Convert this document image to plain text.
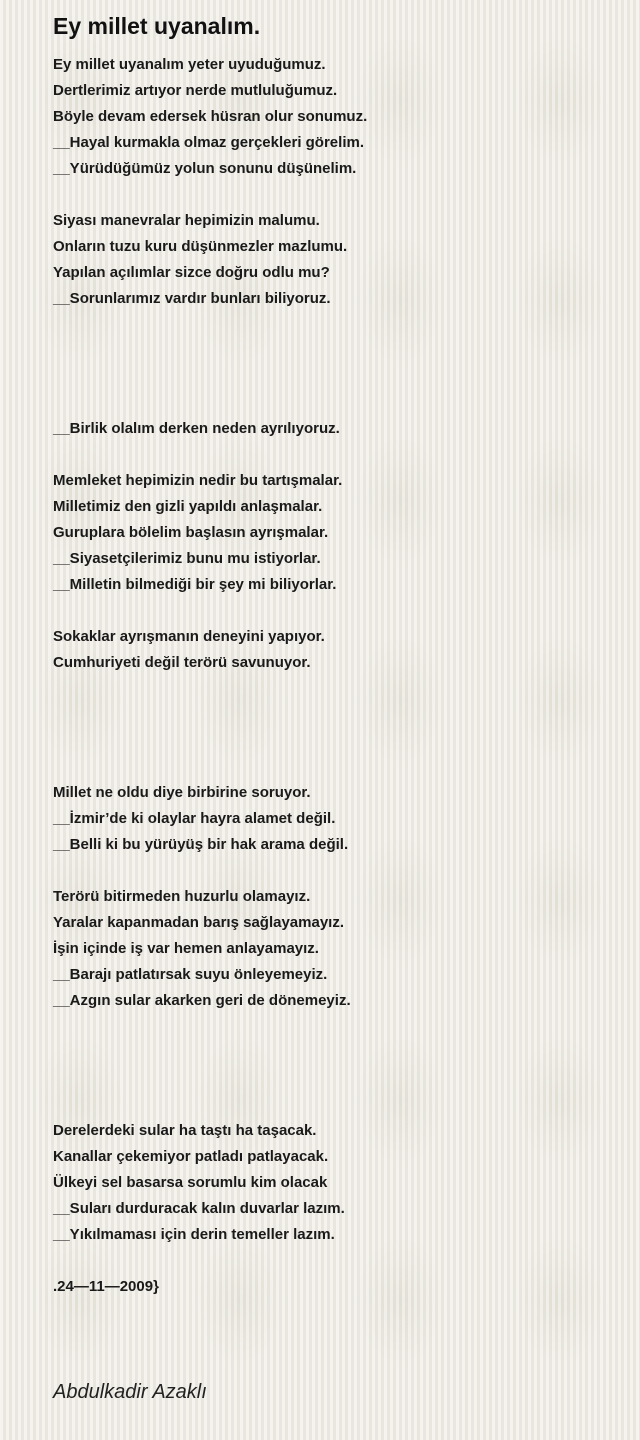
Ey millet uyanalım.
Ey millet uyanalım yeter uyuduğumuz.
Dertlerimiz artıyor nerde mutluluğumuz.
Böyle devam edersek hüsran olur sonumuz.
__Hayal kurmakla olmaz gerçekleri görelim.
__Yürüdüğümüz yolun sonunu düşünelim.
Siyası manevralar hepimizin malumu.
Onların tuzu kuru düşünmezler mazlumu.
Yapılan açılımlar sizce doğru odlu mu?
__Sorunlarımız vardır bunları biliyoruz.
__Birlik olalım derken neden ayrılıyoruz.
Memleket hepimizin nedir bu tartışmalar.
Milletimiz den gizli yapıldı anlaşmalar.
Guruplara bölelim başlasın ayrışmalar.
__Siyasetçilerimiz bunu mu istiyorlar.
__Milletin bilmediği bir şey mi biliyorlar.
Sokaklar ayrışmanın deneyini yapıyor.
Cumhuriyeti değil terörü savunuyor.
Millet ne oldu diye birbirine soruyor.
__İzmir’de ki olaylar hayra alamet değil.
__Belli ki bu yürüyüş bir hak arama değil.
Terörü bitirmeden huzurlu olamayız.
Yaralar kapanmadan barış sağlayamayız.
İşin içinde iş var hemen anlayamayız.
__Barajı patlatırsak suyu önleyemeyiz.
__Azgın sular akarken geri de dönemeyiz.
Derelerdeki sular ha taştı ha taşacak.
Kanallar çekemiyor patladı patlayacak.
Ülkeyi sel basarsa sorumlu kim olacak
__Suları durduracak kalın duvarlar lazım.
__Yıkılmaması için derin temeller lazım.
.24—11—2009}
Abdulkadir Azaklı
